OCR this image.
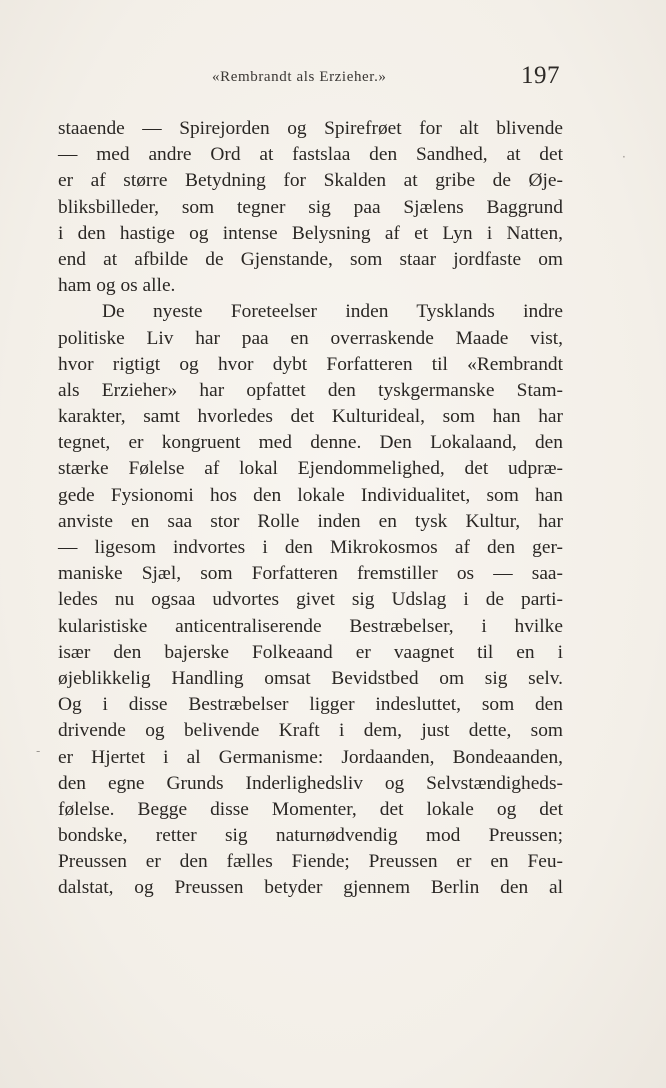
«Rembrandt als Erzieher.»	197
staaende — Spirejorden og Spirefrøet for alt blivende
— med andre Ord at fastslaa den Sandhed, at det
er af større Betydning for Skalden at gribe de Øje-
bliksbilleder, som tegner sig paa Sjælens Baggrund
i den hastige og intense Belysning af et Lyn i Natten,
end at afbilde de Gjenstande, som staar jordfaste om
ham og os alle.
De nyeste Foreteelser inden Tysklands indre
politiske Liv har paa en overraskende Maade vist,
hvor rigtigt og hvor dybt Forfatteren til «Rembrandt
als Erzieher» har opfattet den tyskgermanske Stam-
karakter, samt hvorledes det Kulturideal, som han har
tegnet, er kongruent med denne. Den Lokalaand, den
stærke Følelse af lokal Ejendommelighed, det udpræ-
gede Fysionomi hos den lokale Individualitet, som han
anviste en saa stor Rolle inden en tysk Kultur, har
— ligesom indvortes i den Mikrokosmos af den ger-
maniske Sjæl, som Forfatteren fremstiller os — saa-
ledes nu ogsaa udvortes givet sig Udslag i de parti-
kularistiske anticentraliserende Bestræbelser, i hvilke
især den bajerske Folkeaand er vaagnet til en i
øjeblikkelig Handling omsat Bevidstbed om sig selv.
Og i disse Bestræbelser ligger indesluttet, som den
drivende og belivende Kraft i dem, just dette, som
er Hjertet i al Germanisme: Jordaanden, Bondeaanden,
den egne Grunds Inderlighedsliv og Selvstændigheds-
følelse. Begge disse Momenter, det lokale og det
bondske, retter sig naturnødvendig mod Preussen;
Preussen er den fælles Fiende; Preussen er en Feu-
dalstat, og Preussen betyder gjennem Berlin den al
-
·
